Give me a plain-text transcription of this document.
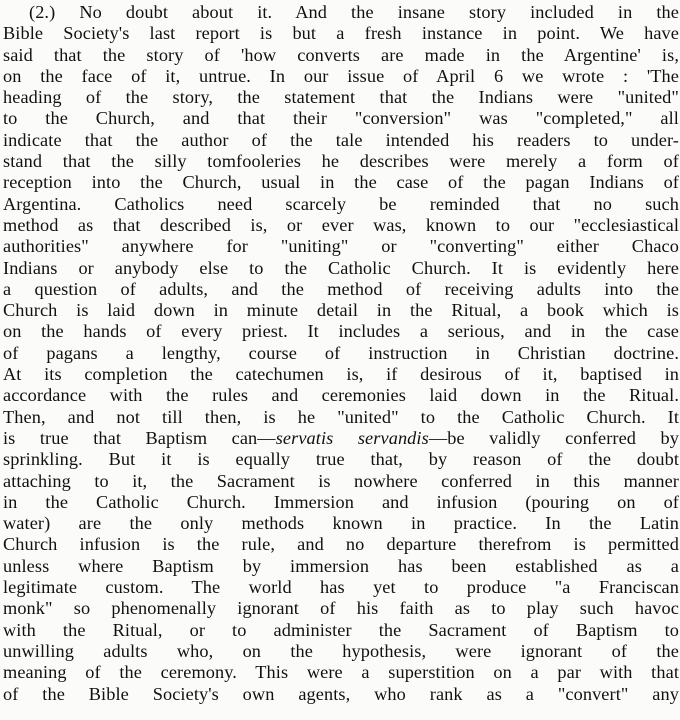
(2.) No doubt about it. And the insane story included in the
Bible Society's last report is but a fresh instance in point. We have
said that the story of 'how converts are made in the Argentine' is,
on the face of it, untrue. In our issue of April 6 we wrote : 'The
heading of the story, the statement that the Indians were "united"
to the Church, and that their "conversion" was "completed," all
indicate that the author of the tale intended his readers to under-
stand that the silly tomfooleries he describes were merely a form of
reception into the Church, usual in the case of the pagan Indians of
Argentina. Catholics need scarcely be reminded that no such
method as that described is, or ever was, known to our "ecclesiastical
authorities" anywhere for "uniting" or "converting" either Chaco
Indians or anybody else to the Catholic Church. It is evidently here
a question of adults, and the method of receiving adults into the
Church is laid down in minute detail in the Ritual, a book which is
on the hands of every priest. It includes a serious, and in the case
of pagans a lengthy, course of instruction in Christian doctrine.
At its completion the catechumen is, if desirous of it, baptised in
accordance with the rules and ceremonies laid down in the Ritual.
Then, and not till then, is he "united" to the Catholic Church. It
is true that Baptism can—servatis servandis—be validly conferred by
sprinkling. But it is equally true that, by reason of the doubt
attaching to it, the Sacrament is nowhere conferred in this manner
in the Catholic Church. Immersion and infusion (pouring on of
water) are the only methods known in practice. In the Latin
Church infusion is the rule, and no departure therefrom is permitted
unless where Baptism by immersion has been established as a
legitimate custom. The world has yet to produce "a Franciscan
monk" so phenomenally ignorant of his faith as to play such havoc
with the Ritual, or to administer the Sacrament of Baptism to
unwilling adults who, on the hypothesis, were ignorant of the
meaning of the ceremony. This were a superstition on a par with that
of the Bible Society's own agents, who rank as a "convert" any
